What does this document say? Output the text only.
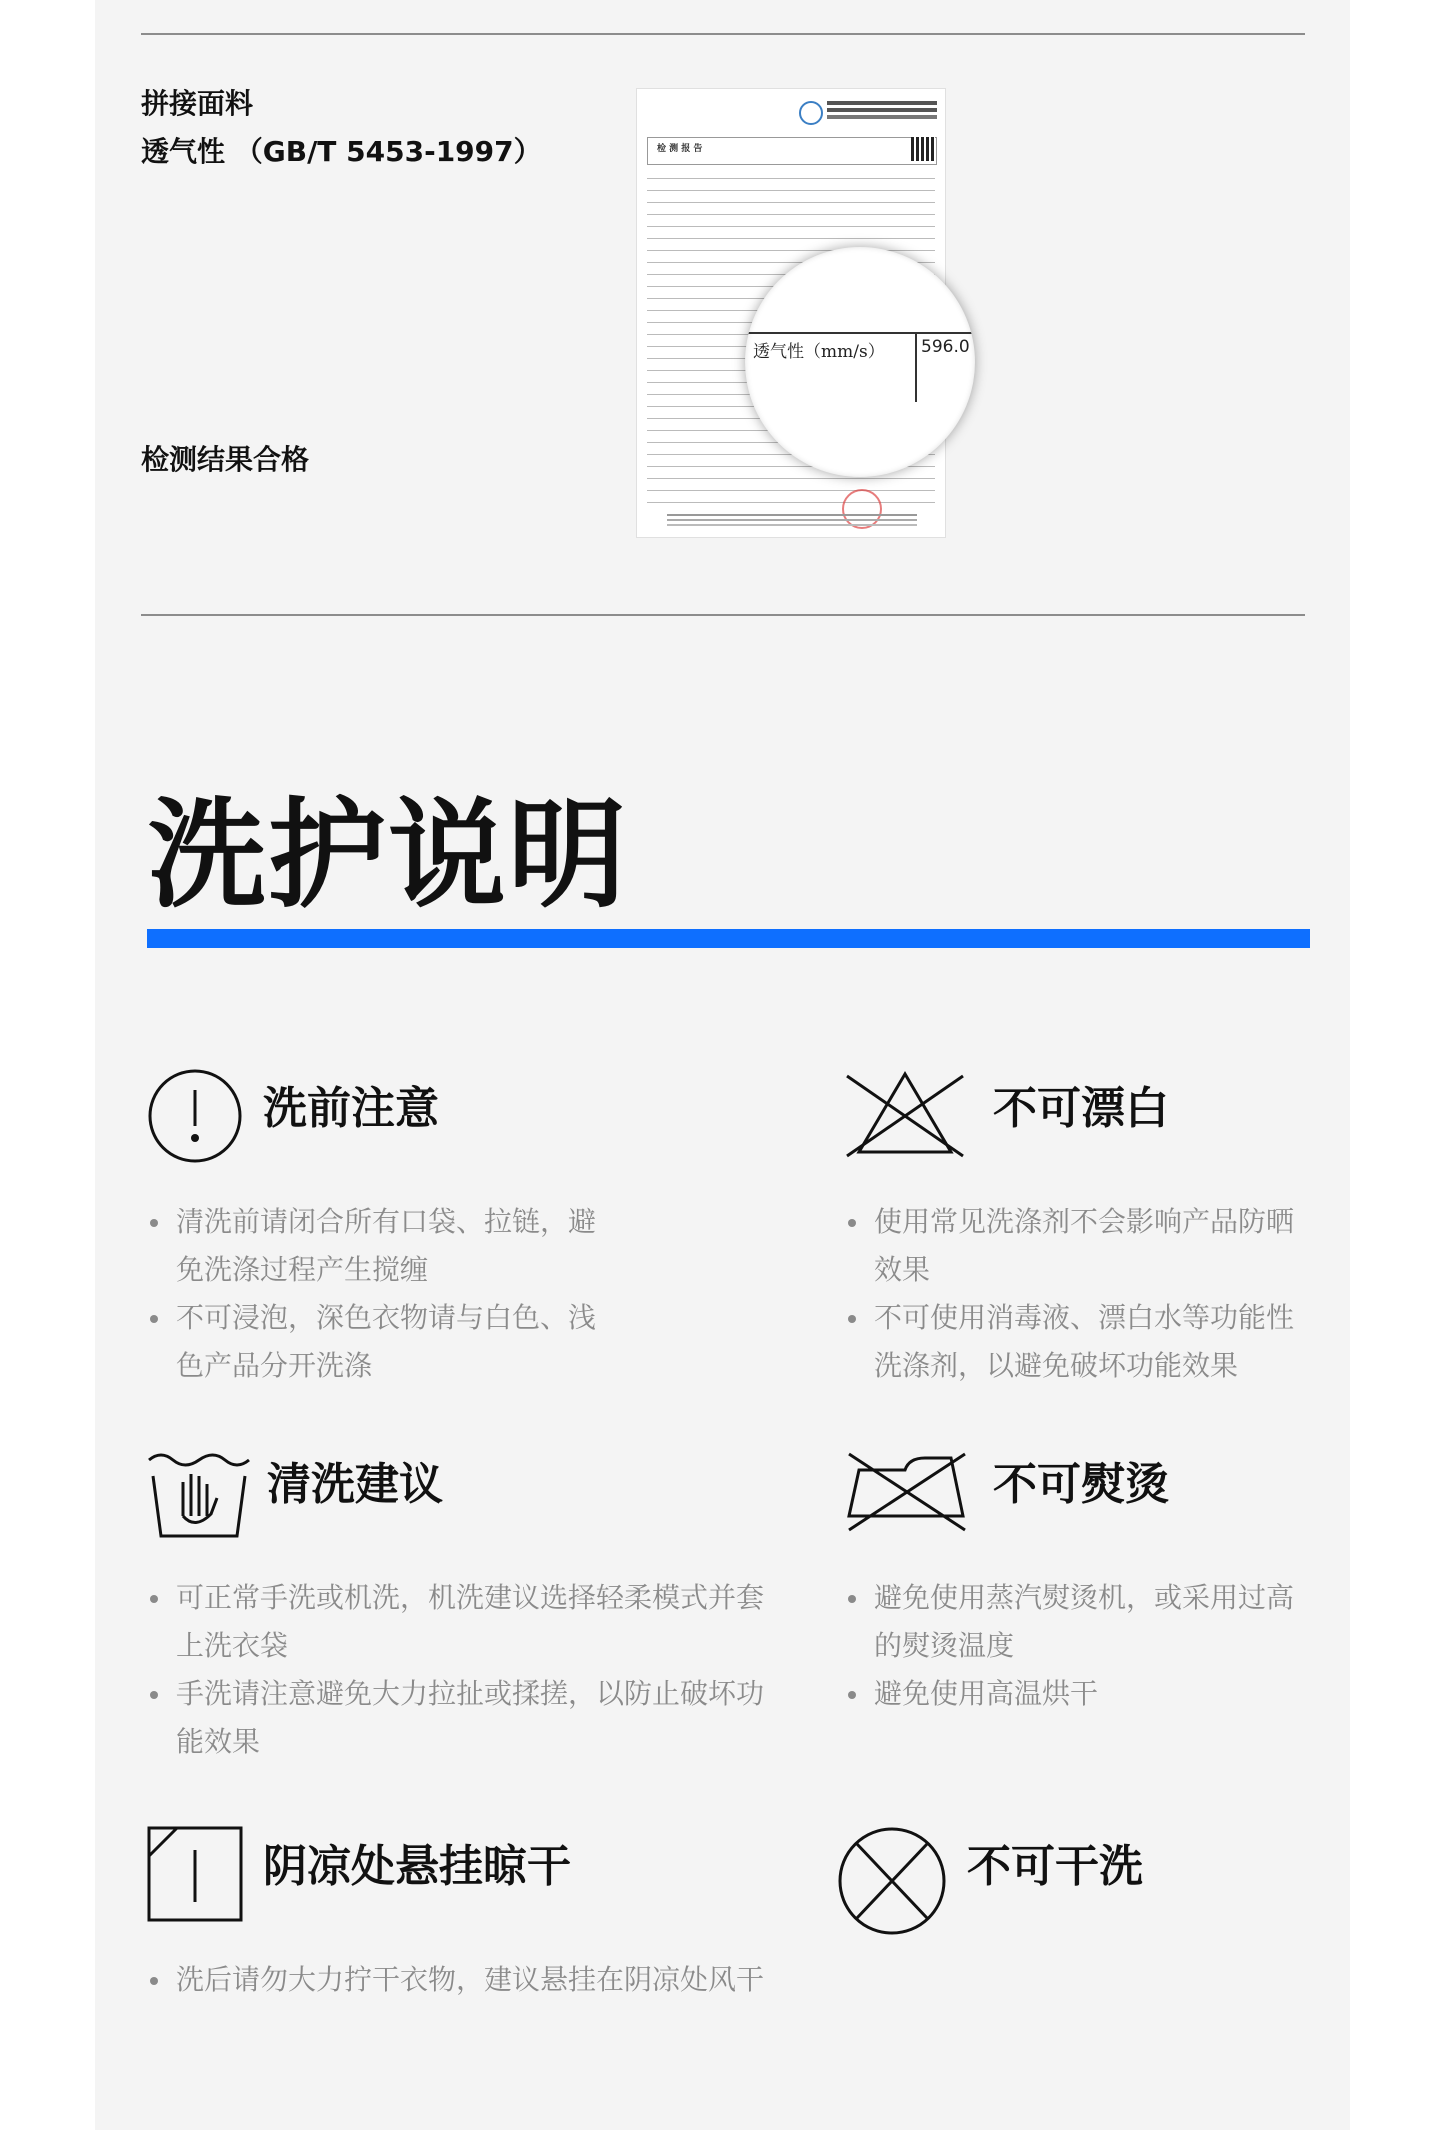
拼接面料
透气性 （GB/T 5453-1997）
检测结果合格
检 测 报 告
透气性（mm/s） 596.0
洗护说明
洗前注意
清洗前请闭合所有口袋、拉链，避免洗涤过程产生搅缠
不可浸泡，深色衣物请与白色、浅色产品分开洗涤
不可漂白
使用常见洗涤剂不会影响产品防晒效果
不可使用消毒液、漂白水等功能性洗涤剂，以避免破坏功能效果
清洗建议
可正常手洗或机洗，机洗建议选择轻柔模式并套上洗衣袋
手洗请注意避免大力拉扯或揉搓，以防止破坏功能效果
不可熨烫
避免使用蒸汽熨烫机，或采用过高的熨烫温度
避免使用高温烘干
阴凉处悬挂晾干
洗后请勿大力拧干衣物，建议悬挂在阴凉处风干
不可干洗
